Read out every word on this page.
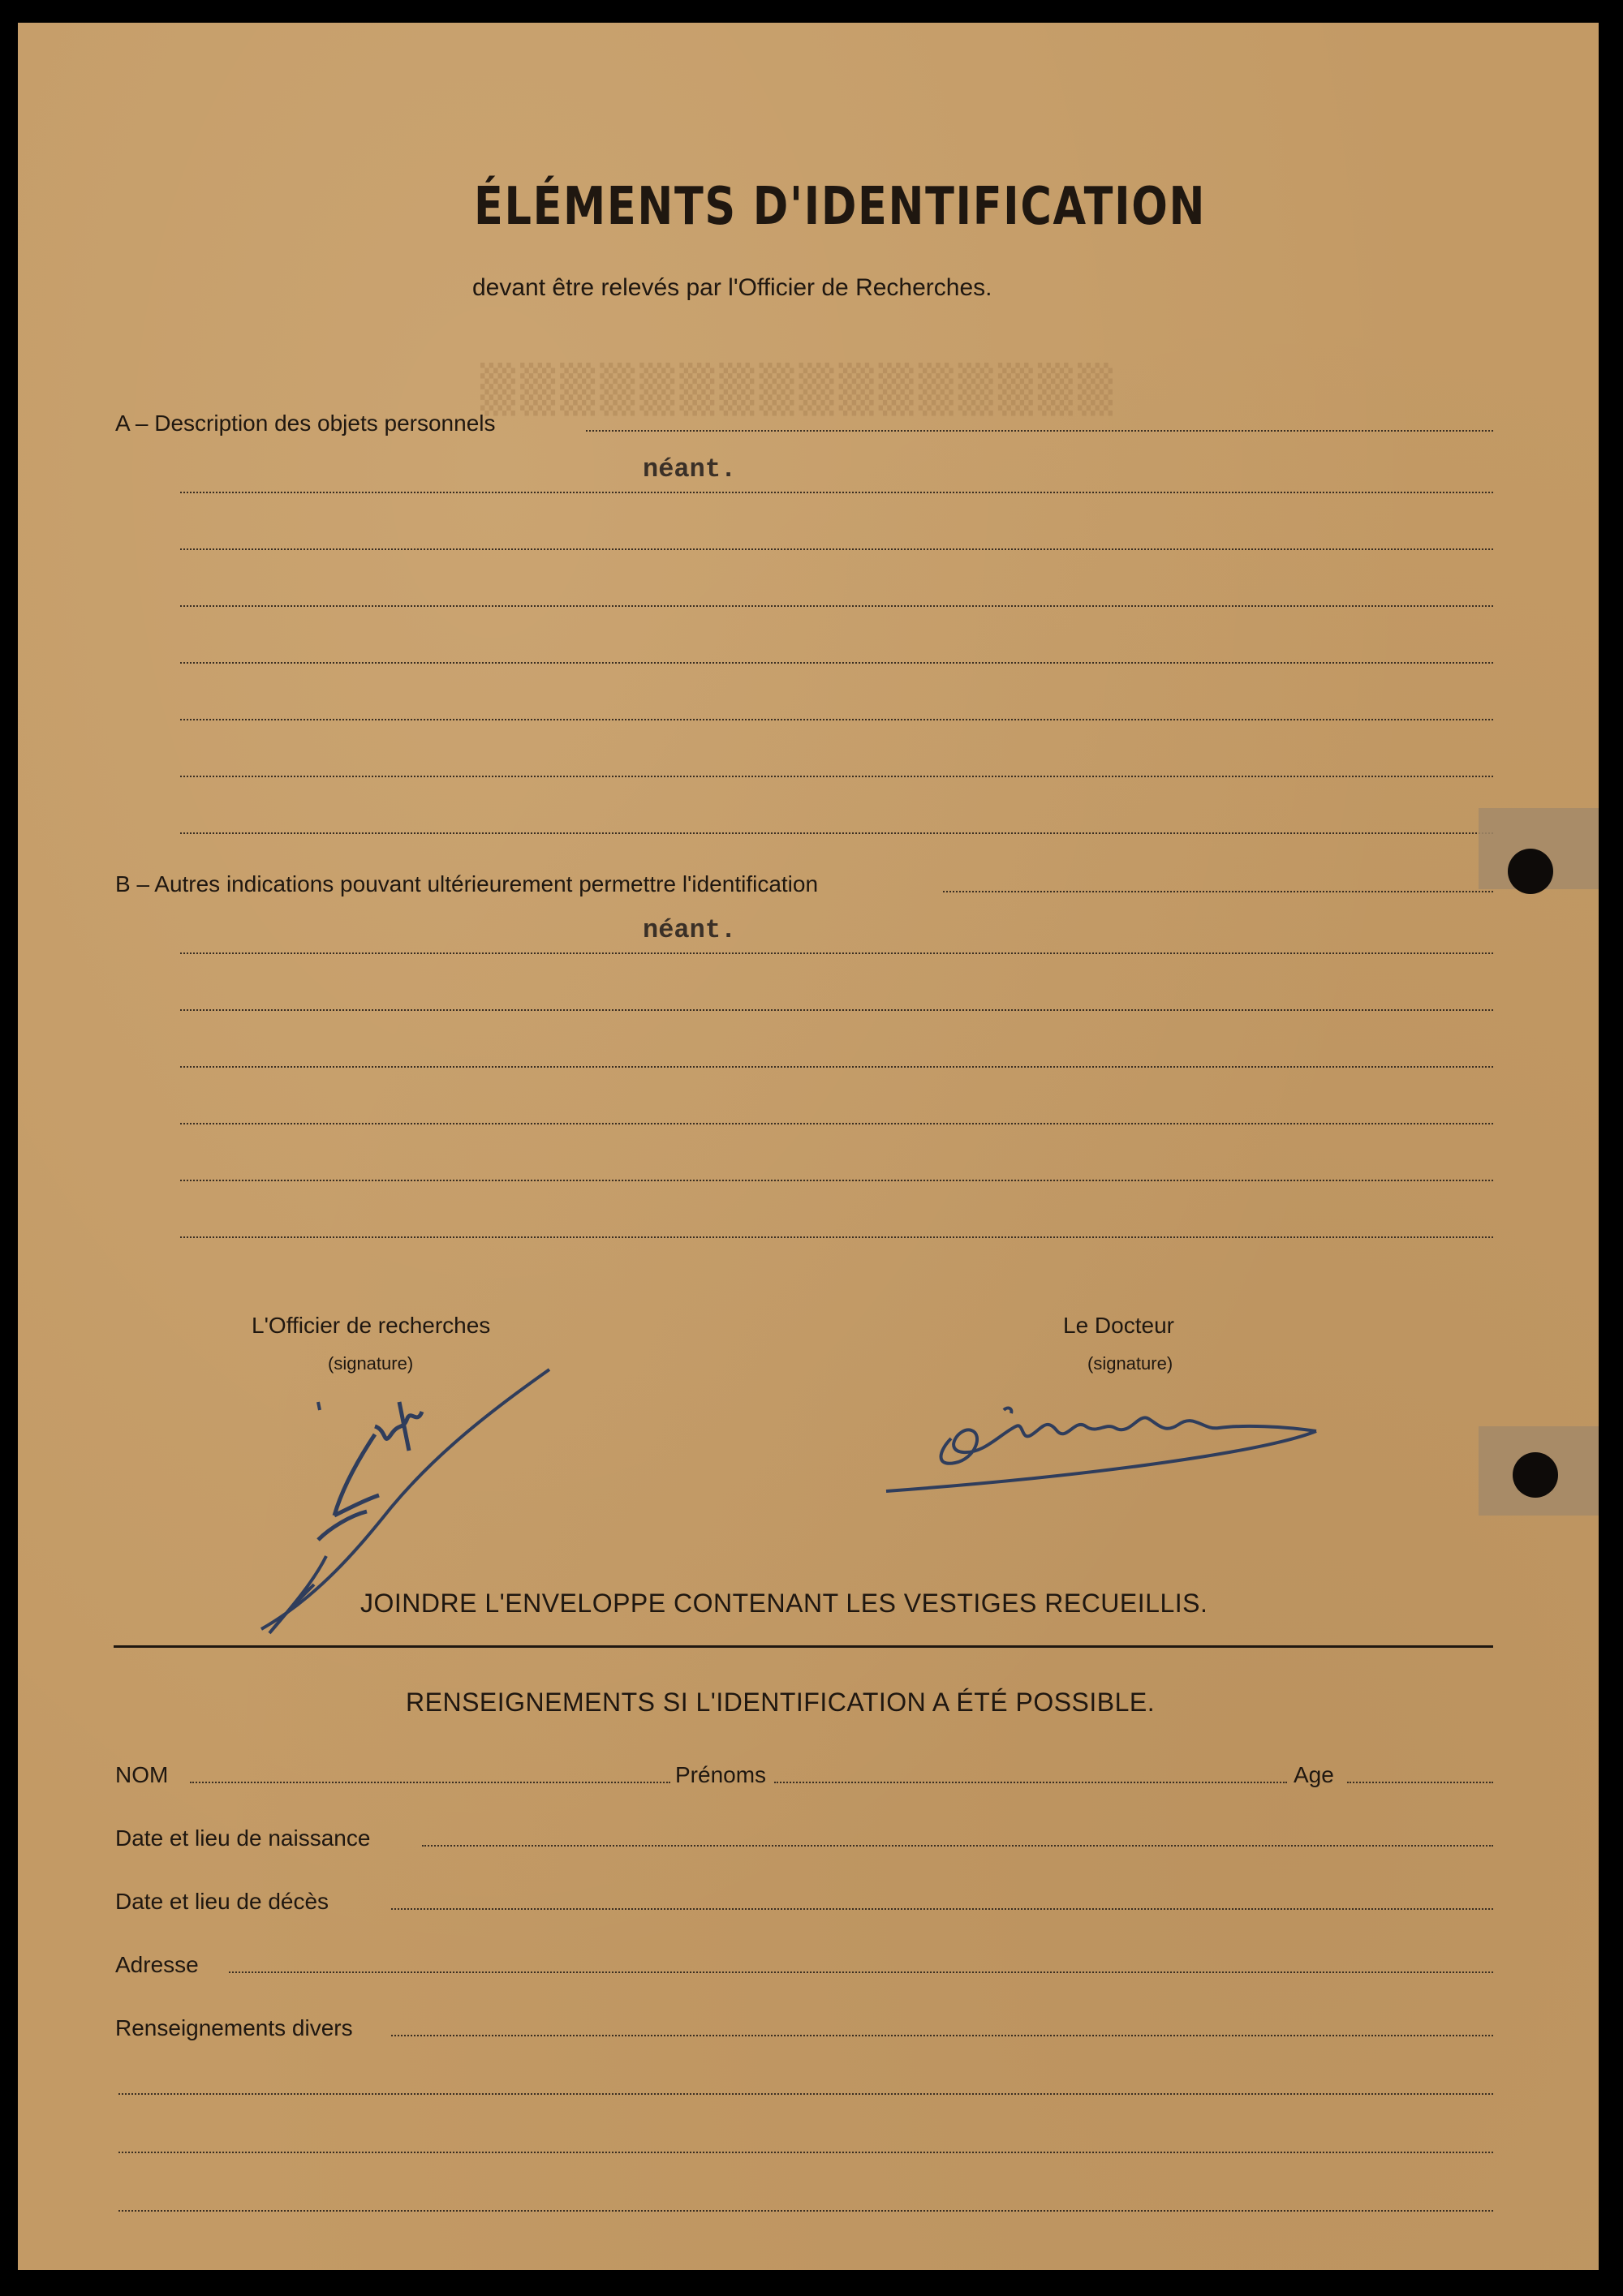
▒▒▒▒▒▒▒▒▒▒▒▒▒▒▒▒
ÉLÉMENTS D'IDENTIFICATION
devant être relevés par l'Officier de Recherches.
A – Description des objets personnels
néant.
B – Autres indications pouvant ultérieurement permettre l'identification
néant.
L'Officier de recherches
(signature)
Le Docteur
(signature)
JOINDRE L'ENVELOPPE CONTENANT LES VESTIGES RECUEILLIS.
RENSEIGNEMENTS SI L'IDENTIFICATION A ÉTÉ POSSIBLE.
NOM	Prénoms	Age
Date et lieu de naissance
Date et lieu de décès
Adresse
Renseignements divers
